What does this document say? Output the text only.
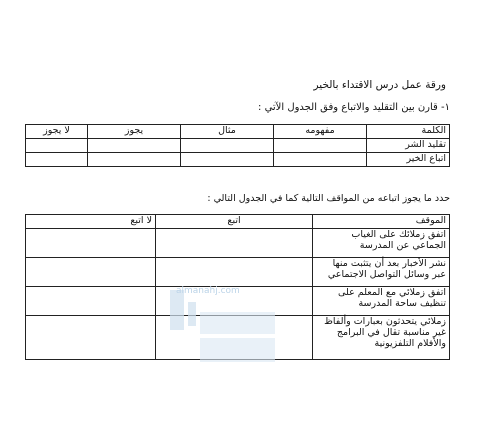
ورقة عمل درس الاقتداء بالخير
١- قارن بين التقليد والاتباع وفق الجدول الآتي :
الكلمة	مفهومه	مثال	يجوز	لا يجوز
تقليد الشر				
اتباع الخير				
حدد ما يجوز اتباعه من المواقف التالية كما في الجدول التالي :
الموقف	اتبع	لا اتبع
اتفق زملائك على الغياب الجماعي عن المدرسة		
نشر الأخبار بعد أن يتثبت منها عبر وسائل التواصل الاجتماعي		
اتفق زملائي مع المعلم على تنظيف ساحة المدرسة		
زملائي يتحدثون بعبارات وألفاظ غير مناسبة تقال في البرامج والأفلام التلفزيونية		
almanahj.com
